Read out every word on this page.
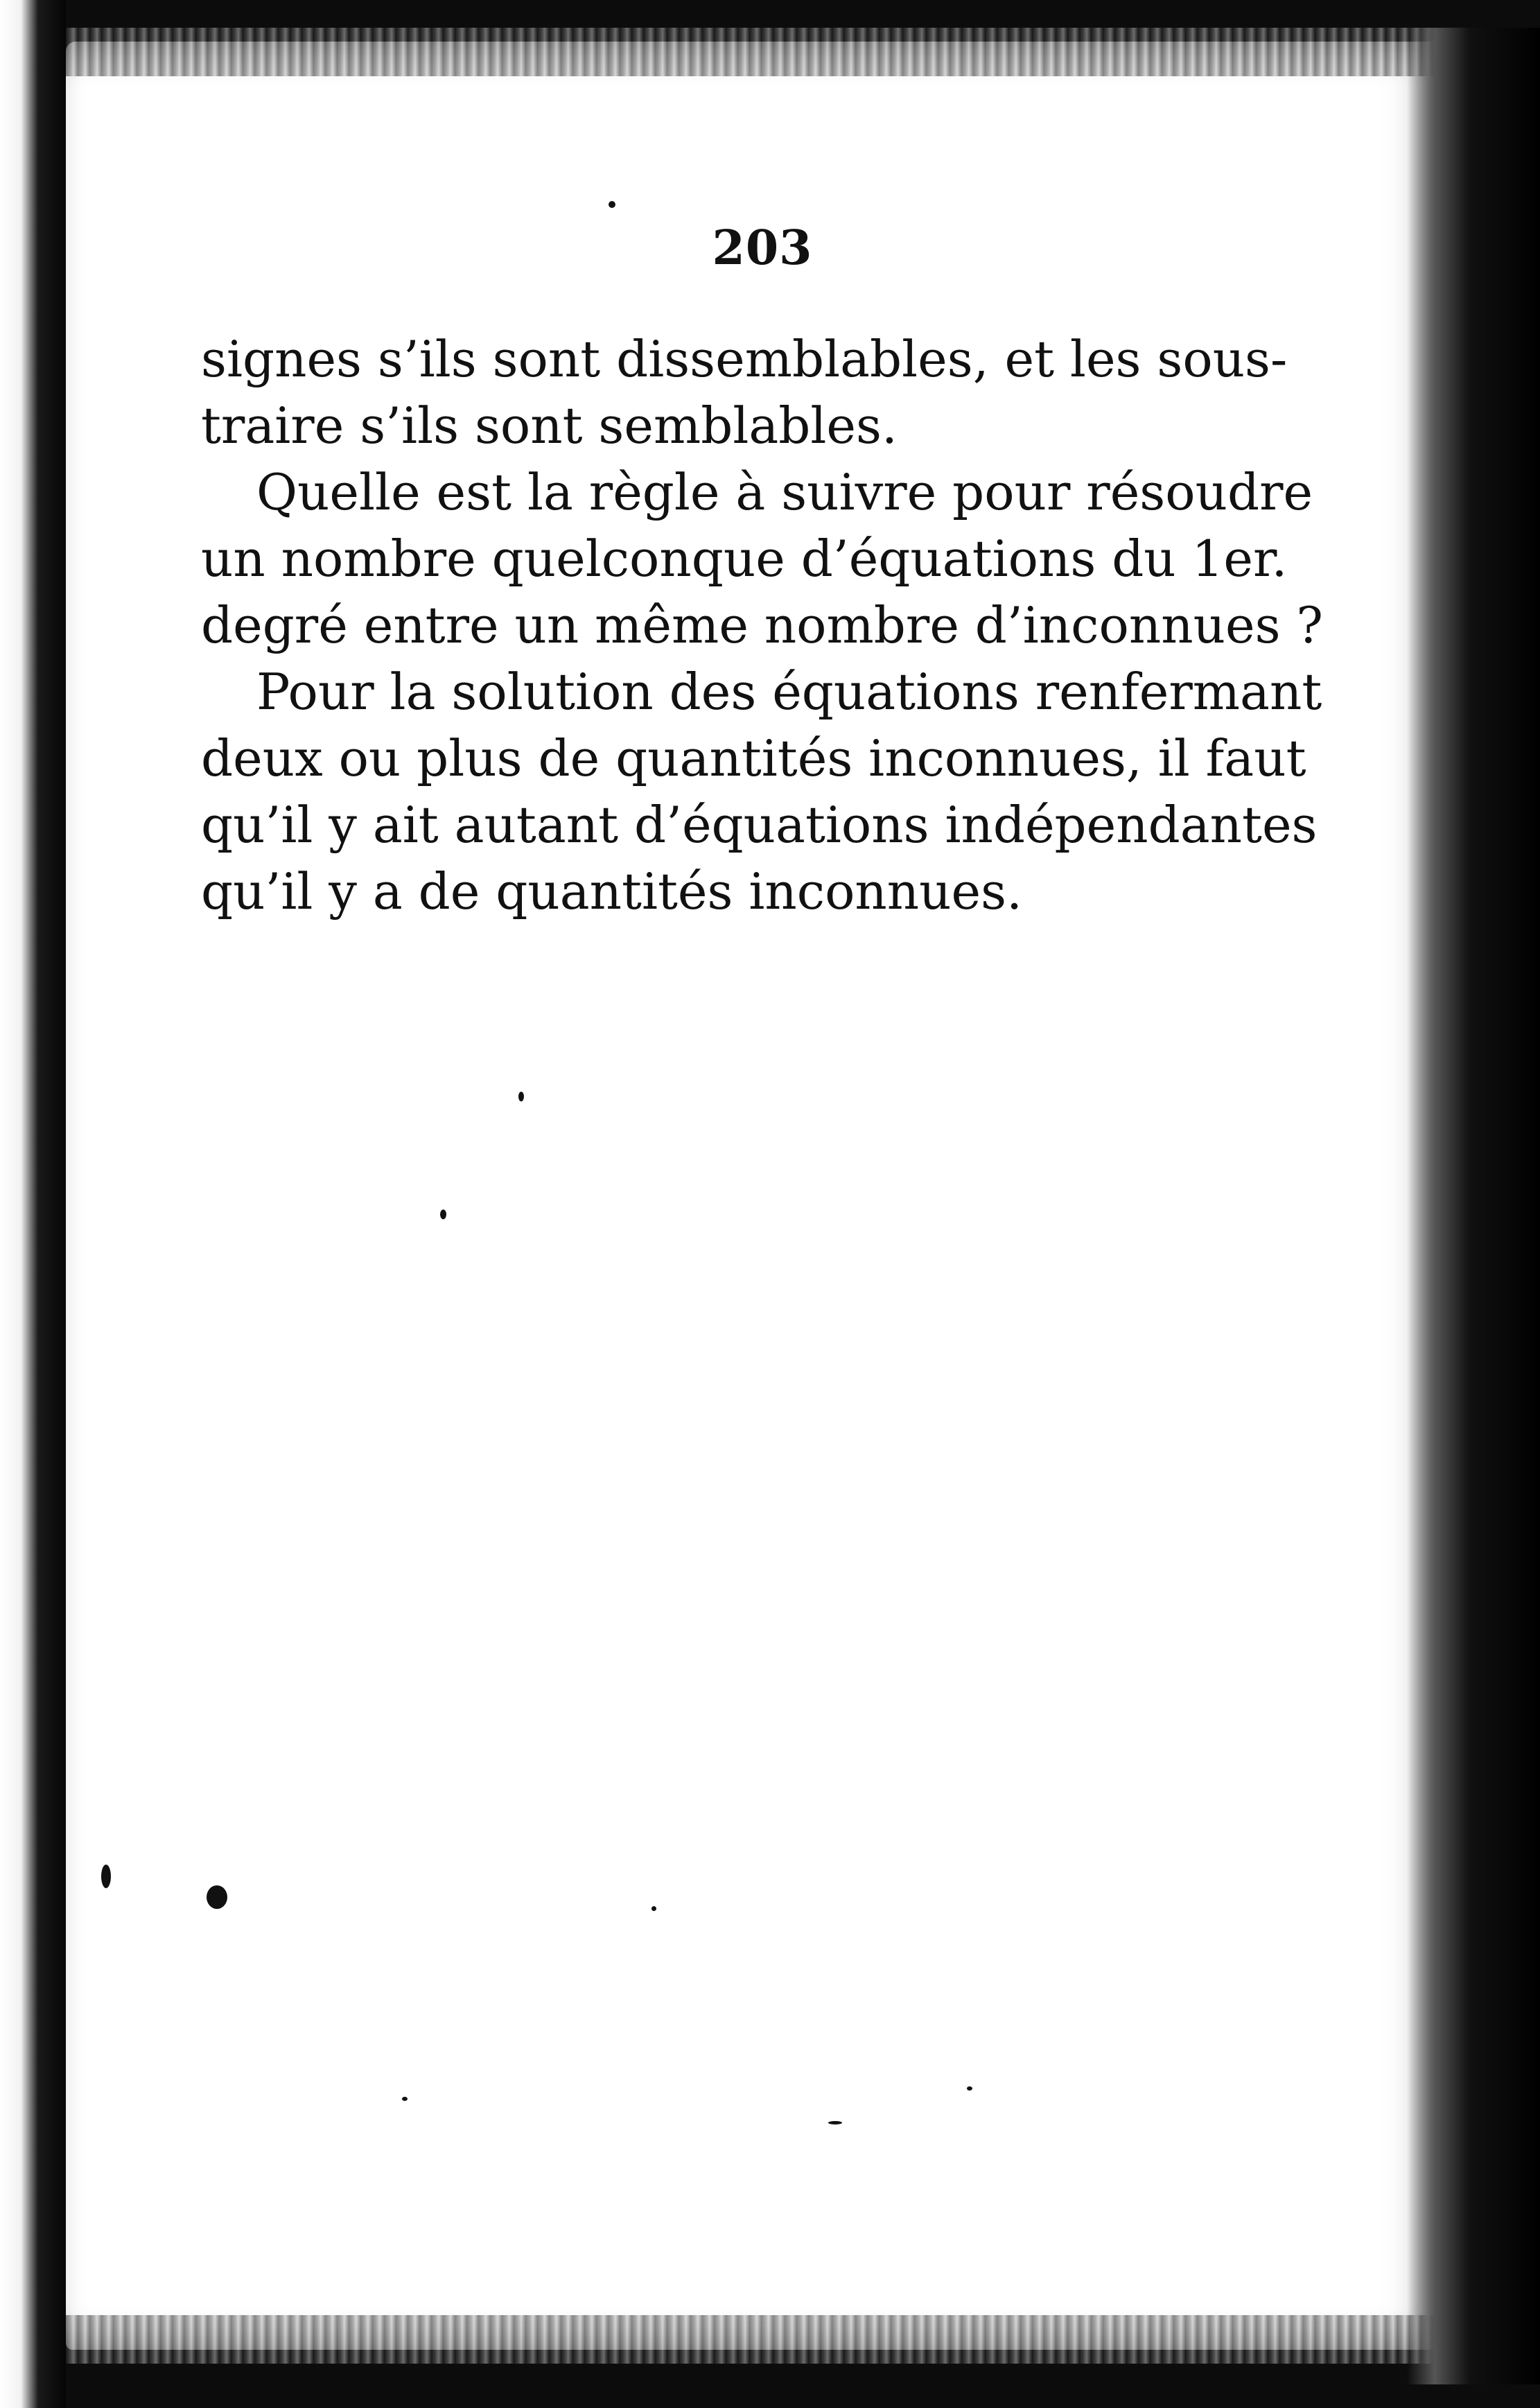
203
signes s’ils sont dissemblables, et les sous-
traire s’ils sont semblables.
Quelle est la règle à suivre pour résoudre
un nombre quelconque d’équations du 1er.
degré entre un même nombre d’inconnues ?
Pour la solution des équations renfermant
deux ou plus de quantités inconnues, il faut
qu’il y ait autant d’équations indépendantes
qu’il y a de quantités inconnues.
